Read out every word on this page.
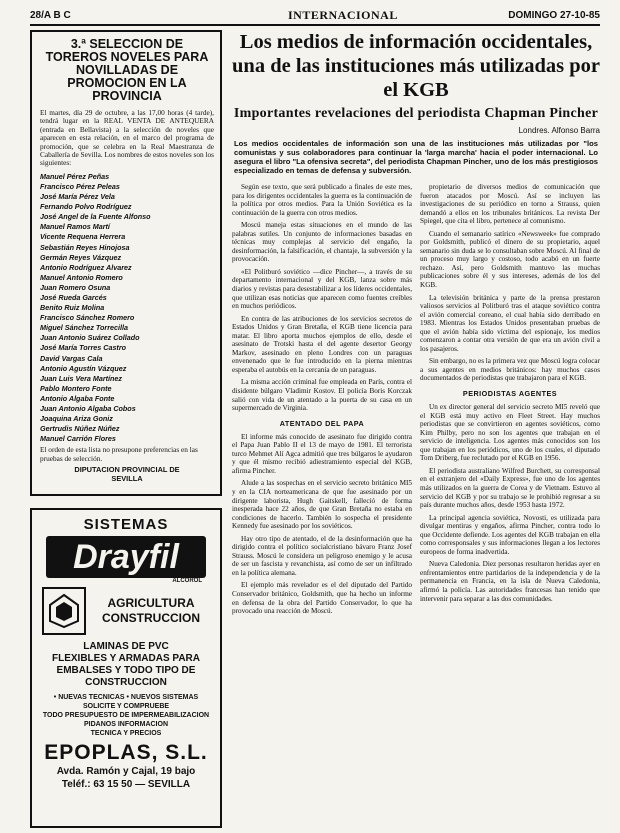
28/A B C	INTERNACIONAL	DOMINGO 27-10-85
3.ª SELECCION DE TOREROS NOVELES PARA NOVILLADAS DE PROMOCION EN LA PROVINCIA
El martes, día 29 de octubre, a las 17,00 horas (4 tarde), tendrá lugar en la REAL VENTA DE ANTEQUERA (entrada en Bellavista) a la selección de noveles que aparecen en esta relación, en el marco del programa de promoción, que se celebra en la Real Maestranza de Caballería de Sevilla. Los nombres de estos noveles son los siguientes:
Manuel Pérez Peñas
Francisco Pérez Peleas
José María Pérez Vela
Fernando Polvo Rodríguez
José Angel de la Fuente Alfonso
Manuel Ramos Martí
Vicente Requena Herrera
Sebastián Reyes Hinojosa
Germán Reyes Vázquez
Antonio Rodríguez Alvarez
Manuel Antonio Romero
Juan Romero Osuna
José Rueda Garcés
Benito Ruiz Molina
Francisco Sánchez Romero
Miguel Sánchez Torrecilla
Juan Antonio Suárez Collado
José María Torres Castro
David Vargas Cala
Antonio Agustín Vázquez
Juan Luis Vera Martínez
Pablo Montero Fonte
Antonio Algaba Fonte
Juan Antonio Algaba Cobos
Joaquina Ariza Goniz
Gertrudis Núñez Núñez
Manuel Carrión Flores
El orden de esta lista no presupone preferencias en las pruebas de selección.
DIPUTACION PROVINCIAL DE
SEVILLA
SISTEMAS
Drayfil
ALCOROL
AGRICULTURA
CONSTRUCCION
LAMINAS DE PVC
FLEXIBLES Y ARMADAS PARA
EMBALSES Y TODO TIPO DE
CONSTRUCCION
• NUEVAS TECNICAS • NUEVOS SISTEMAS
SOLICITE Y COMPRUEBE
TODO PRESUPUESTO DE IMPERMEABILIZACION
PIDANOS INFORMACION
TECNICA Y PRECIOS
EPOPLAS, S.L.
Avda. Ramón y Cajal, 19 bajo
Teléf.: 63 15 50 — SEVILLA
Los medios de información occidentales, una de las instituciones más utilizadas por el KGB
Importantes revelaciones del periodista Chapman Pincher
Londres. Alfonso Barra
Los medios occidentales de información son una de las instituciones más utilizadas por "los comunistas y sus colaboradores para continuar la 'larga marcha' hacia el poder internacional. Lo asegura el libro "La ofensiva secreta", del periodista Chapman Pincher, uno de los más prestigiosos especializado en temas de defensa y subversión.

Según ese texto, que será publicado a finales de este mes, para los dirigentes occidentales la guerra es la continuación de la política por otros medios. Para la Unión Soviética es la continuación de la guerra con otros medios.

Moscú maneja estas situaciones en el mundo de las palabras sutiles. Un conjunto de informaciones basadas en técnicas muy complejas al servicio del engaño, la desinformación, la falsificación, el chantaje, la subversión y la provocación.

«El Politburó soviético —dice Pincher—, a través de su departamento internacional y del KGB, lanza sobre más diarios y revistas para desestabilizar a los líderes occidentales, que utilizan esas noticias que aparecen como fuentes creíbles en muchos periódicos.

En contra de las atribuciones de los servicios secretos de Estados Unidos y Gran Bretaña, el KGB tiene licencia para matar. El libro aporta muchos ejemplos de ello, desde el asesinato de Trotski hasta el del agente desertor Georgy Markov, asesinado en pleno Londres con un paraguas envenenado que le fue introducido en la pierna mientras esperaba el autobús en la cercanía de un paraguas.

La misma acción criminal fue empleada en París, contra el disidente búlgaro Vladimir Kostov. El policía Boris Korczak salió con vida de un atentado a la puerta de su casa en un supermercado de Virginia.

ATENTADO DEL PAPA

El informe más conocido de asesinato fue dirigido contra el Papa Juan Pablo II el 13 de mayo de 1981. El terrorista turco Mehmet Alí Agca admitió que tres búlgaros le ayudaron y que él mismo recibió adiestramiento especial del KGB, afirma Pincher.

Alude a las sospechas en el servicio secreto británico MI5 y en la CIA norteamericana de que fue asesinado por un dirigente laborista, Hugh Gaitskell, falleció de forma inesperada hace 22 años, de que Gran Bretaña no estaba en condiciones de hacerlo. También lo sospecha el presidente Kennedy fue asesinado por los soviéticos.

Hay otro tipo de atentado, el de la desinformación que ha dirigido contra el político socialcristiano bávaro Franz Josef Strauss. Moscú le considera un peligroso enemigo y le acusa de ser un fascista y revanchista, así como de ser un infiltrado en la política alemana.

El ejemplo más revelador es el del diputado del Partido Conservador británico, Goldsmith, que ha hecho un informe en defensa de la obra del Partido Conservador, lo que ha provocado una reacción de Moscú.

propietario de diversos medios de comunicación que fueron atacados por Moscú. Así se incluyen las investigaciones de su periódico en torno a Strauss, quien demandó a ellos en los tribunales británicos. La revista Der Spiegel, que cita el libro, pertenece al comunismo.

Cuando el semanario satírico «Newsweek» fue comprado por Goldsmith, publicó el dinero de su propietario, aquel semanario sin duda se lo consultaban sobre Moscú. Al final de un proceso muy largo y costoso, todo acabó en un fuerte rechazo. Así, pero Goldsmith mantuvo las muchas publicaciones sobre él y sus intereses, además de los del KGB.

La televisión británica y parte de la prensa prestaron valiosos servicios al Politburó tras el ataque soviético contra el avión comercial coreano, el cual había sido derribado en 1983. Mientras los Estados Unidos presentaban pruebas de que el avión había sido víctima del espionaje, los medios comenzaron a contar otra versión de que era un avión civil a los pasajeros.

Sin embargo, no es la primera vez que Moscú logra colocar a sus agentes en medios británicos: hay muchos casos documentados de periodistas que trabajaron para el KGB.

PERIODISTAS AGENTES

Un ex director general del servicio secreto MI5 reveló que el KGB está muy activo en Fleet Street. Hay muchos periodistas que se convirtieron en agentes soviéticos, como Kim Philby, pero no son los agentes que trabajan en el servicio de inteligencia. Los agentes más conocidos son los que trabajan en los periódicos, uno de los cuales, el diputado Tom Driberg, fue reclutado por el KGB en 1956.

El periodista australiano Wilfred Burchett, su corresponsal en el extranjero del «Daily Express», fue uno de los agentes más utilizados en la guerra de Corea y de Vietnam. Estuvo al servicio del KGB y por su trabajo se le prohibió regresar a su país durante muchos años, desde 1953 hasta 1972.

La principal agencia soviética, Novosti, es utilizada para divulgar mentiras y engaños, afirma Pincher, contra todo lo que Occidente defiende. Los agentes del KGB trabajan en ella como corresponsales y sus informaciones llegan a los lectores europeos de forma inadvertida.

Nueva Caledonia. Diez personas resultaron heridas ayer en enfrentamientos entre partidarios de la independencia y de la permanencia en Francia, en la isla de Nueva Caledonia, afirmó la policía. Las autoridades francesas han tenido que intervenir para separar a las dos comunidades.
